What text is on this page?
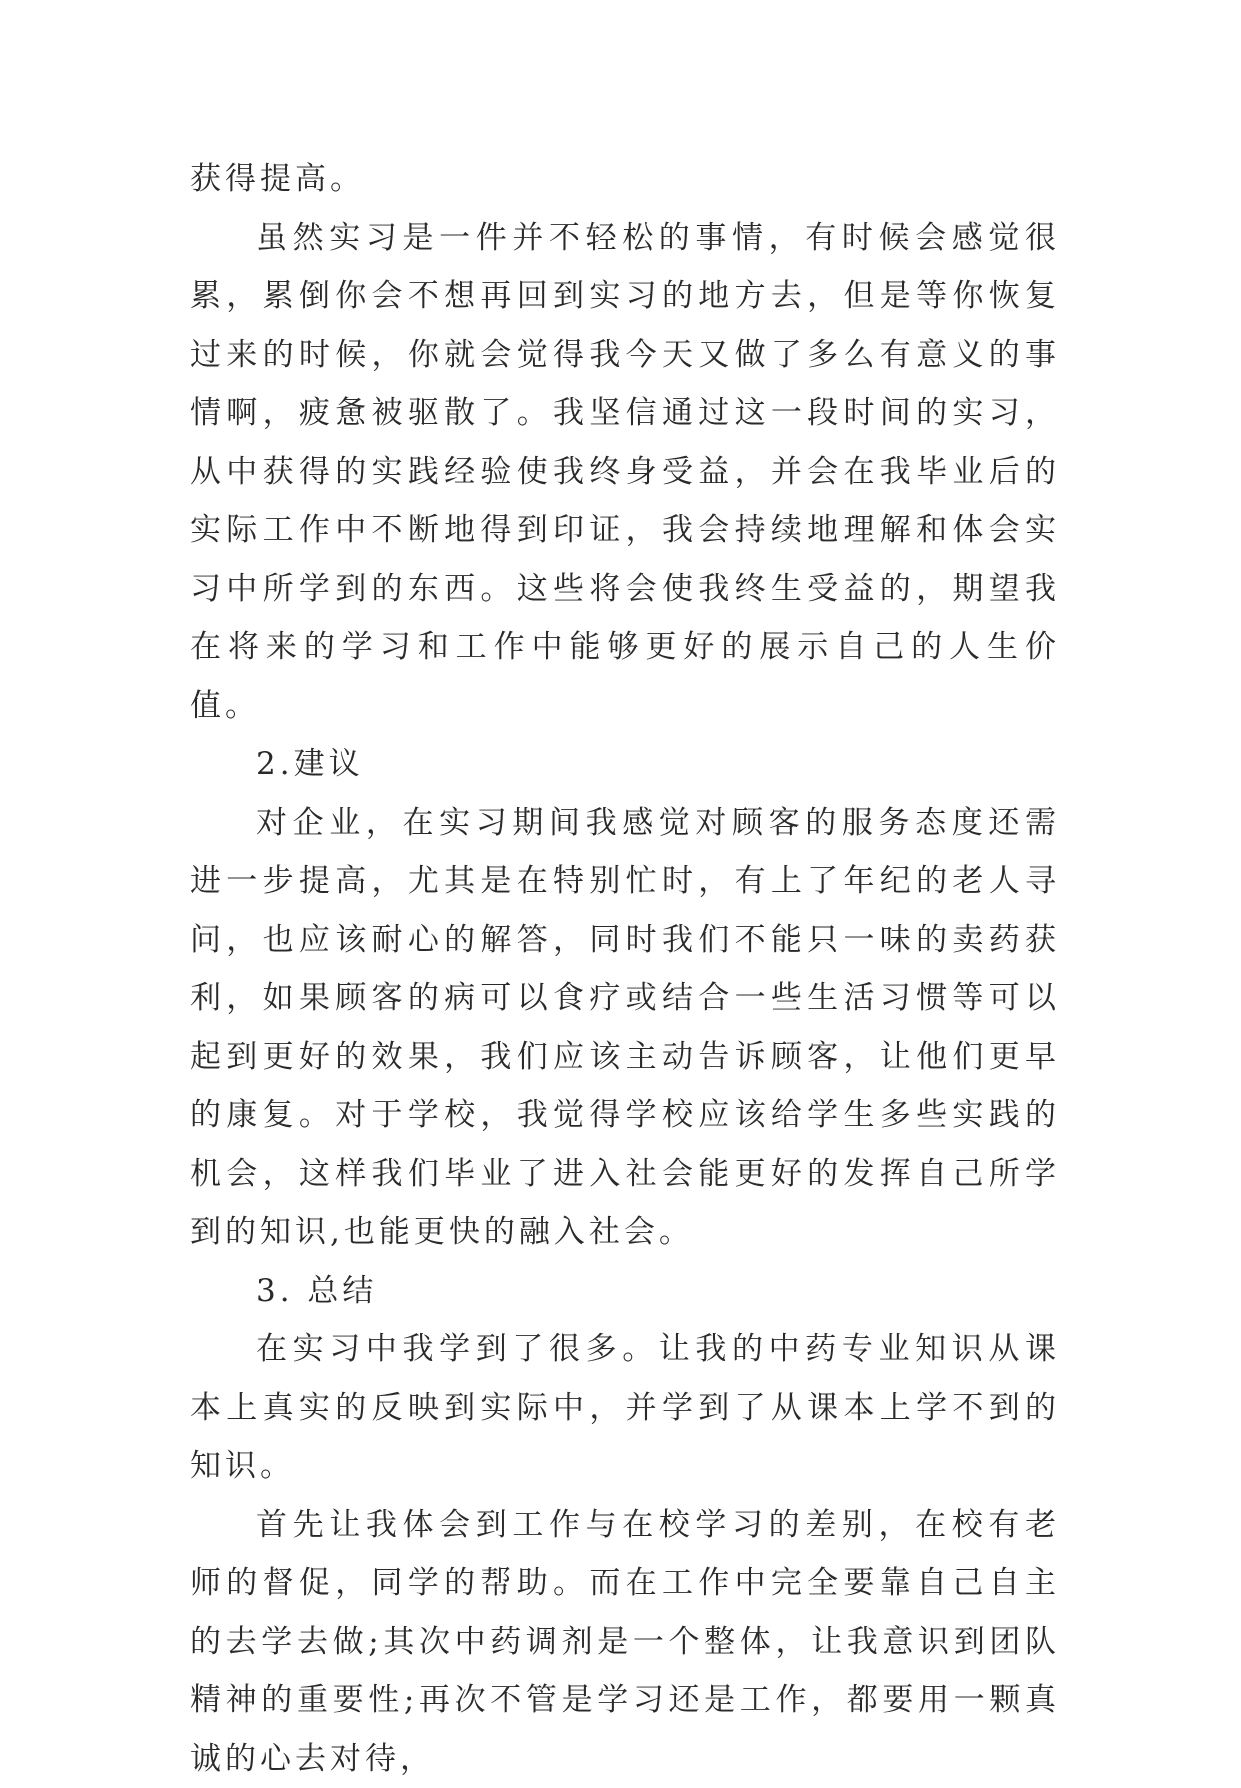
获得提高。

虽然实习是一件并不轻松的事情，有时候会感觉很累，累倒你会不想再回到实习的地方去，但是等你恢复过来的时候，你就会觉得我今天又做了多么有意义的事情啊，疲惫被驱散了。我坚信通过这一段时间的实习，从中获得的实践经验使我终身受益，并会在我毕业后的实际工作中不断地得到印证，我会持续地理解和体会实习中所学到的东西。这些将会使我终生受益的，期望我在将来的学习和工作中能够更好的展示自己的人生价值。

2.建议

对企业，在实习期间我感觉对顾客的服务态度还需进一步提高，尤其是在特别忙时，有上了年纪的老人寻问，也应该耐心的解答，同时我们不能只一味的卖药获利，如果顾客的病可以食疗或结合一些生活习惯等可以起到更好的效果，我们应该主动告诉顾客，让他们更早的康复。对于学校，我觉得学校应该给学生多些实践的机会，这样我们毕业了进入社会能更好的发挥自己所学到的知识,也能更快的融入社会。

3. 总结

在实习中我学到了很多。让我的中药专业知识从课本上真实的反映到实际中，并学到了从课本上学不到的知识。

首先让我体会到工作与在校学习的差别，在校有老师的督促，同学的帮助。而在工作中完全要靠自己自主的去学去做;其次中药调剂是一个整体，让我意识到团队精神的重要性;再次不管是学习还是工作，都要用一颗真诚的心去对待，
